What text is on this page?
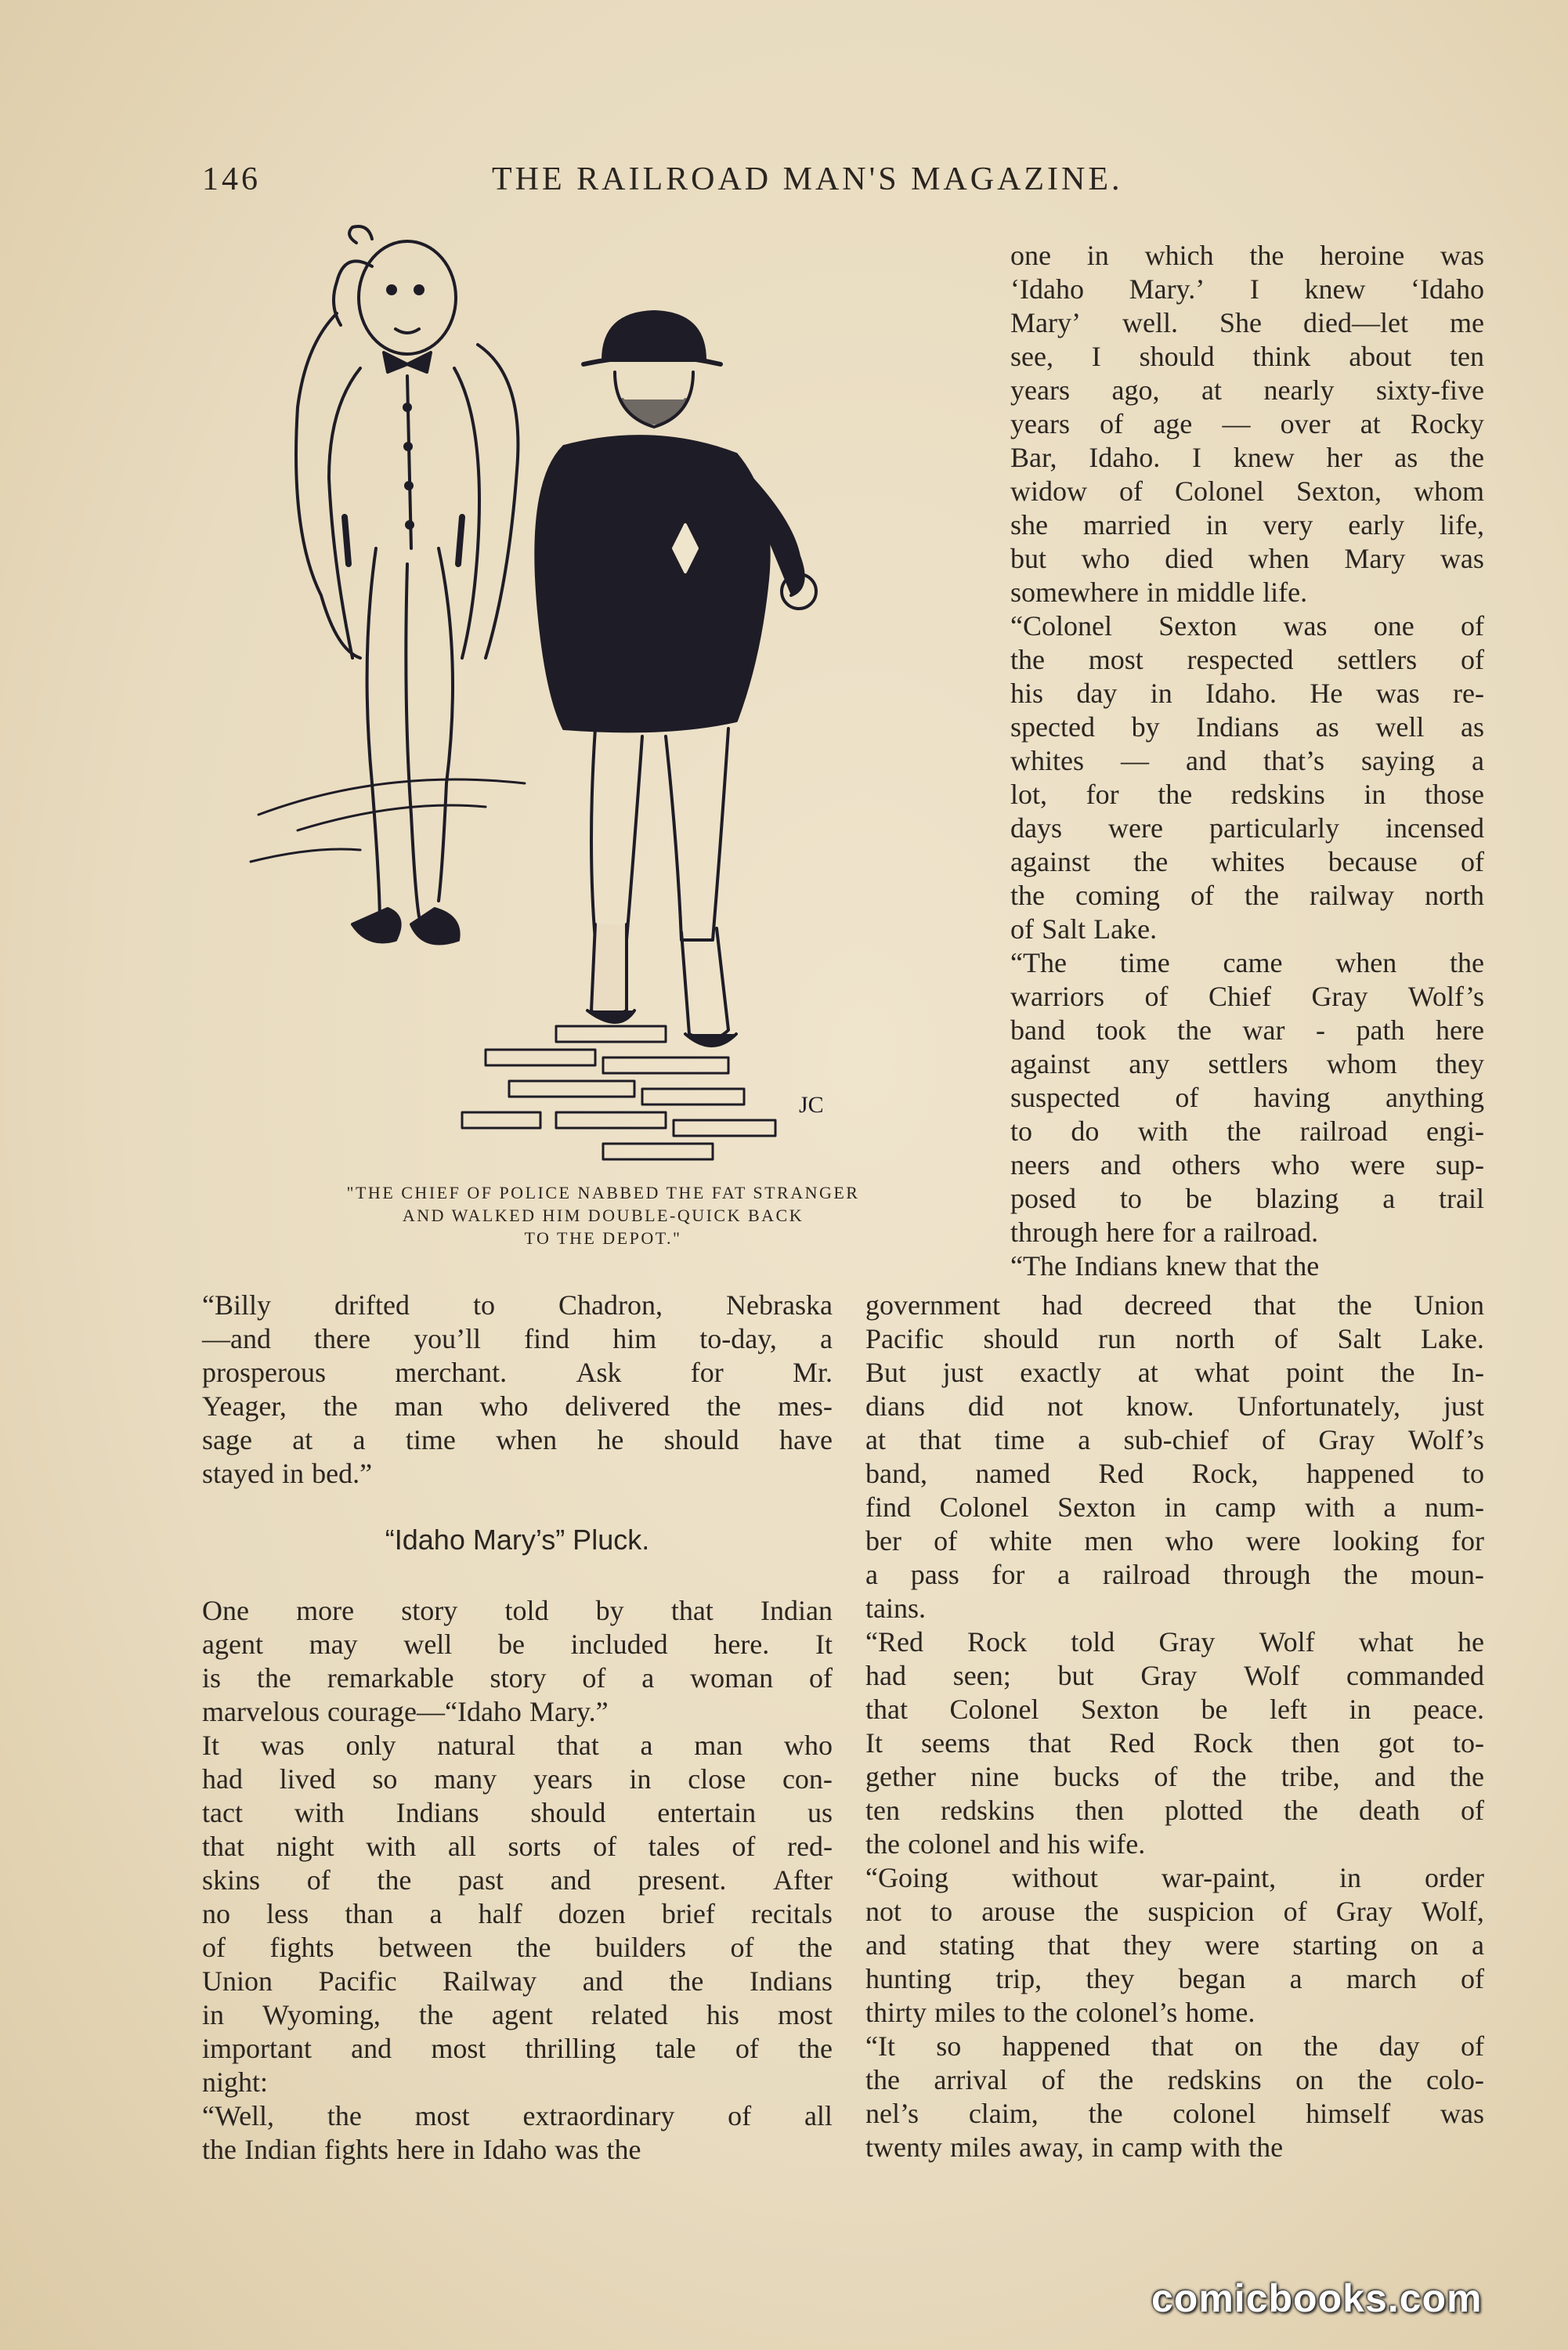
146	THE RAILROAD MAN'S MAGAZINE.
JC
"THE CHIEF OF POLICE NABBED THE FAT STRANGER
AND WALKED HIM DOUBLE-QUICK BACK
TO THE DEPOT."
one in which the heroine was
‘Idaho Mary.’ I knew ‘Idaho
Mary’ well. She died—let me
see, I should think about ten
years ago, at nearly sixty-five
years of age — over at Rocky
Bar, Idaho. I knew her as the
widow of Colonel Sexton, whom
she married in very early life,
but who died when Mary was
somewhere in middle life.
“Colonel Sexton was one of
the most respected settlers of
his day in Idaho. He was re-
spected by Indians as well as
whites — and that’s saying a
lot, for the redskins in those
days were particularly incensed
against the whites because of
the coming of the railway north
of Salt Lake.
“The time came when the
warriors of Chief Gray Wolf’s
band took the war - path here
against any settlers whom they
suspected of having anything
to do with the railroad engi-
neers and others who were sup-
posed to be blazing a trail
through here for a railroad.
“The Indians knew that the
“Billy drifted to Chadron, Nebraska
—and there you’ll find him to-day, a
prosperous merchant. Ask for Mr.
Yeager, the man who delivered the mes-
sage at a time when he should have
stayed in bed.”
“Idaho Mary’s” Pluck.
One more story told by that Indian
agent may well be included here. It
is the remarkable story of a woman of
marvelous courage—“Idaho Mary.”
It was only natural that a man who
had lived so many years in close con-
tact with Indians should entertain us
that night with all sorts of tales of red-
skins of the past and present. After
no less than a half dozen brief recitals
of fights between the builders of the
Union Pacific Railway and the Indians
in Wyoming, the agent related his most
important and most thrilling tale of the
night:
“Well, the most extraordinary of all
the Indian fights here in Idaho was the
government had decreed that the Union
Pacific should run north of Salt Lake.
But just exactly at what point the In-
dians did not know. Unfortunately, just
at that time a sub-chief of Gray Wolf’s
band, named Red Rock, happened to
find Colonel Sexton in camp with a num-
ber of white men who were looking for
a pass for a railroad through the moun-
tains.
“Red Rock told Gray Wolf what he
had seen; but Gray Wolf commanded
that Colonel Sexton be left in peace.
It seems that Red Rock then got to-
gether nine bucks of the tribe, and the
ten redskins then plotted the death of
the colonel and his wife.
“Going without war-paint, in order
not to arouse the suspicion of Gray Wolf,
and stating that they were starting on a
hunting trip, they began a march of
thirty miles to the colonel’s home.
“It so happened that on the day of
the arrival of the redskins on the colo-
nel’s claim, the colonel himself was
twenty miles away, in camp with the
comicbooks.com
